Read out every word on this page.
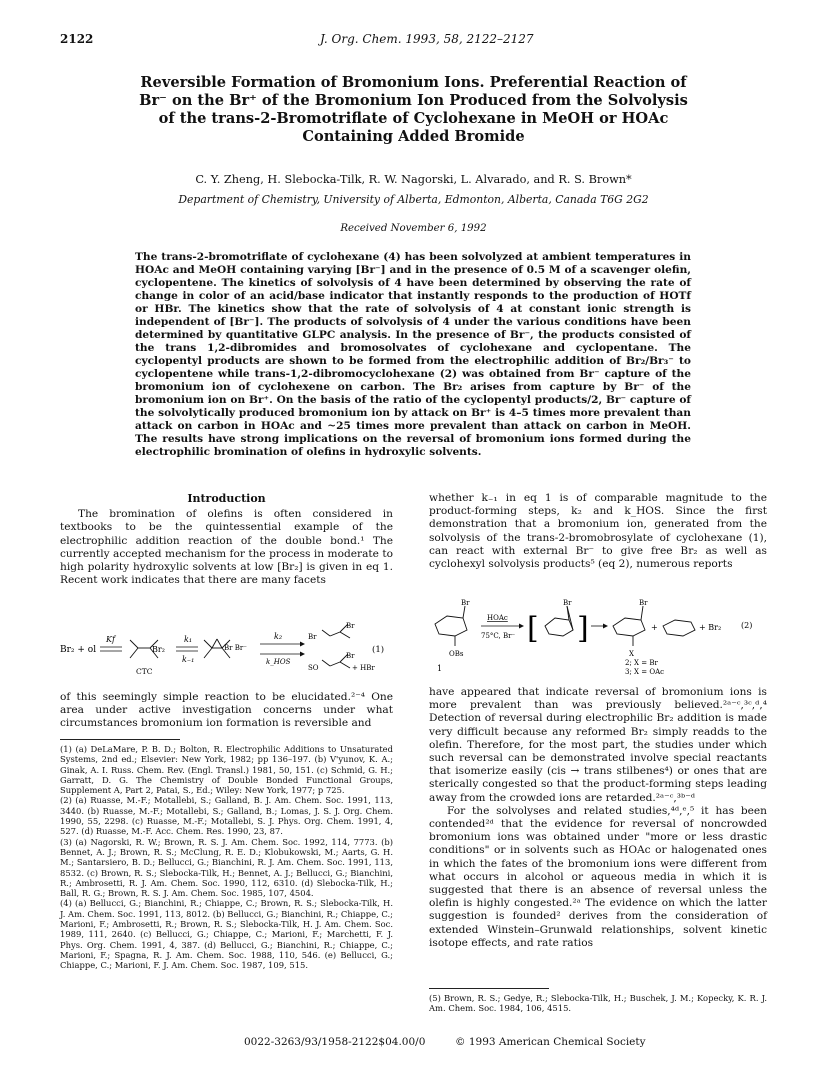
2122	J. Org. Chem. 1993, 58, 2122–2127
Reversible Formation of Bromonium Ions. Preferential Reaction of
Br⁻ on the Br⁺ of the Bromonium Ion Produced from the Solvolysis
of the trans-2-Bromotriflate of Cyclohexane in MeOH or HOAc
Containing Added Bromide
C. Y. Zheng, H. Slebocka-Tilk, R. W. Nagorski, L. Alvarado, and R. S. Brown*
Department of Chemistry, University of Alberta, Edmonton, Alberta, Canada T6G 2G2
Received November 6, 1992
The trans-2-bromotriflate of cyclohexane (4) has been solvolyzed at ambient temperatures in HOAc and MeOH containing varying [Br⁻] and in the presence of 0.5 M of a scavenger olefin, cyclopentene. The kinetics of solvolysis of 4 have been determined by observing the rate of change in color of an acid/base indicator that instantly responds to the production of HOTf or HBr. The kinetics show that the rate of solvolysis of 4 at constant ionic strength is independent of [Br⁻]. The products of solvolysis of 4 under the various conditions have been determined by quantitative GLPC analysis. In the presence of Br⁻, the products consisted of the trans 1,2-dibromides and bromosolvates of cyclohexane and cyclopentane. The cyclopentyl products are shown to be formed from the electrophilic addition of Br₂/Br₃⁻ to cyclopentene while trans-1,2-dibromocyclohexane (2) was obtained from Br⁻ capture of the bromonium ion of cyclohexene on carbon. The Br₂ arises from capture by Br⁻ of the bromonium ion on Br⁺. On the basis of the ratio of the cyclopentyl products/2, Br⁻ capture of the solvolytically produced bromonium ion by attack on Br⁺ is 4–5 times more prevalent than attack on carbon in HOAc and ~25 times more prevalent than attack on carbon in MeOH. The results have strong implications on the reversal of bromonium ions formed during the electrophilic bromination of olefins in hydroxylic solvents.

Introduction

The bromination of olefins is often considered in textbooks to be the quintessential example of the electrophilic addition reaction of the double bond.¹ The currently accepted mechanism for the process in moderate to high polarity hydroxylic solvents at low [Br₂] is given in eq 1. Recent work indicates that there are many facets

Br₂ + ol
Kf
Br₂
CTC
k₁
k₋₁
Br Br⁻
k₂
k_HOS
Br
Br
SO
Br
+ HBr
(1)

of this seemingly simple reaction to be elucidated.²⁻⁴ One area under active investigation concerns under what circumstances bromonium ion formation is reversible and

(1) (a) DeLaMare, P. B. D.; Bolton, R. Electrophilic Additions to Unsaturated Systems, 2nd ed.; Elsevier: New York, 1982; pp 136–197. (b) V'yunov, K. A.; Ginak, A. I. Russ. Chem. Rev. (Engl. Transl.) 1981, 50, 151. (c) Schmid, G. H.; Garratt, D. G. The Chemistry of Double Bonded Functional Groups, Supplement A, Part 2, Patai, S., Ed.; Wiley: New York, 1977; p 725.

(2) (a) Ruasse, M.-F.; Motallebi, S.; Galland, B. J. Am. Chem. Soc. 1991, 113, 3440. (b) Ruasse, M.-F.; Motallebi, S.; Galland, B.; Lomas, J. S. J. Org. Chem. 1990, 55, 2298. (c) Ruasse, M.-F.; Motallebi, S. J. Phys. Org. Chem. 1991, 4, 527. (d) Ruasse, M.-F. Acc. Chem. Res. 1990, 23, 87.

(3) (a) Nagorski, R. W.; Brown, R. S. J. Am. Chem. Soc. 1992, 114, 7773. (b) Bennet, A. J.; Brown, R. S.; McClung, R. E. D.; Klobukowski, M.; Aarts, G. H. M.; Santarsiero, B. D.; Bellucci, G.; Bianchini, R. J. Am. Chem. Soc. 1991, 113, 8532. (c) Brown, R. S.; Slebocka-Tilk, H.; Bennet, A. J.; Bellucci, G.; Bianchini, R.; Ambrosetti, R. J. Am. Chem. Soc. 1990, 112, 6310. (d) Slebocka-Tilk, H.; Ball, R. G.; Brown, R. S. J. Am. Chem. Soc. 1985, 107, 4504.

(4) (a) Bellucci, G.; Bianchini, R.; Chiappe, C.; Brown, R. S.; Slebocka-Tilk, H. J. Am. Chem. Soc. 1991, 113, 8012. (b) Bellucci, G.; Bianchini, R.; Chiappe, C.; Marioni, F.; Ambrosetti, R.; Brown, R. S.; Slebocka-Tilk, H. J. Am. Chem. Soc. 1989, 111, 2640. (c) Bellucci, G.; Chiappe, C.; Marioni, F.; Marchetti, F. J. Phys. Org. Chem. 1991, 4, 387. (d) Bellucci, G.; Bianchini, R.; Chiappe, C.; Marioni, F.; Spagna, R. J. Am. Chem. Soc. 1988, 110, 546. (e) Bellucci, G.; Chiappe, C.; Marioni, F. J. Am. Chem. Soc. 1987, 109, 515.

whether k₋₁ in eq 1 is of comparable magnitude to the product-forming steps, k₂ and k_HOS. Since the first demonstration that a bromonium ion, generated from the solvolysis of the trans-2-bromobrosylate of cyclohexane (1), can react with external Br⁻ to give free Br₂ as well as cyclohexyl solvolysis products⁵ (eq 2), numerous reports

Br
OBs
1
HOAc
75°C, Br⁻ [
Br
]
Br
X
+	+ Br₂ (2)
2; X = Br
3; X = OAc

have appeared that indicate reversal of bromonium ions is more prevalent than was previously believed.²ᵃ⁻ᶜ,³ᶜ,ᵈ,⁴ Detection of reversal during electrophilic Br₂ addition is made very difficult because any reformed Br₂ simply readds to the olefin. Therefore, for the most part, the studies under which such reversal can be demonstrated involve special reactants that isomerize easily (cis → trans stilbenes⁴) or ones that are sterically congested so that the product-forming steps leading away from the crowded ions are retarded.²ᵃ⁻ᶜ,³ᵇ⁻ᵈ

For the solvolyses and related studies,⁴ᵈ,ᵉ,⁵ it has been contended²ᵈ that the evidence for reversal of noncrowded bromonium ions was obtained under "more or less drastic conditions" or in solvents such as HOAc or halogenated ones in which the fates of the bromonium ions were different from what occurs in alcohol or aqueous media in which it is suggested that there is an absence of reversal unless the olefin is highly congested.²ᵃ The evidence on which the latter suggestion is founded² derives from the consideration of extended Winstein–Grunwald relationships, solvent kinetic isotope effects, and rate ratios

(5) Brown, R. S.; Gedye, R.; Slebocka-Tilk, H.; Buschek, J. M.; Kopecky, K. R. J. Am. Chem. Soc. 1984, 106, 4515.

0022-3263/93/1958-2122$04.00/0	© 1993 American Chemical Society
